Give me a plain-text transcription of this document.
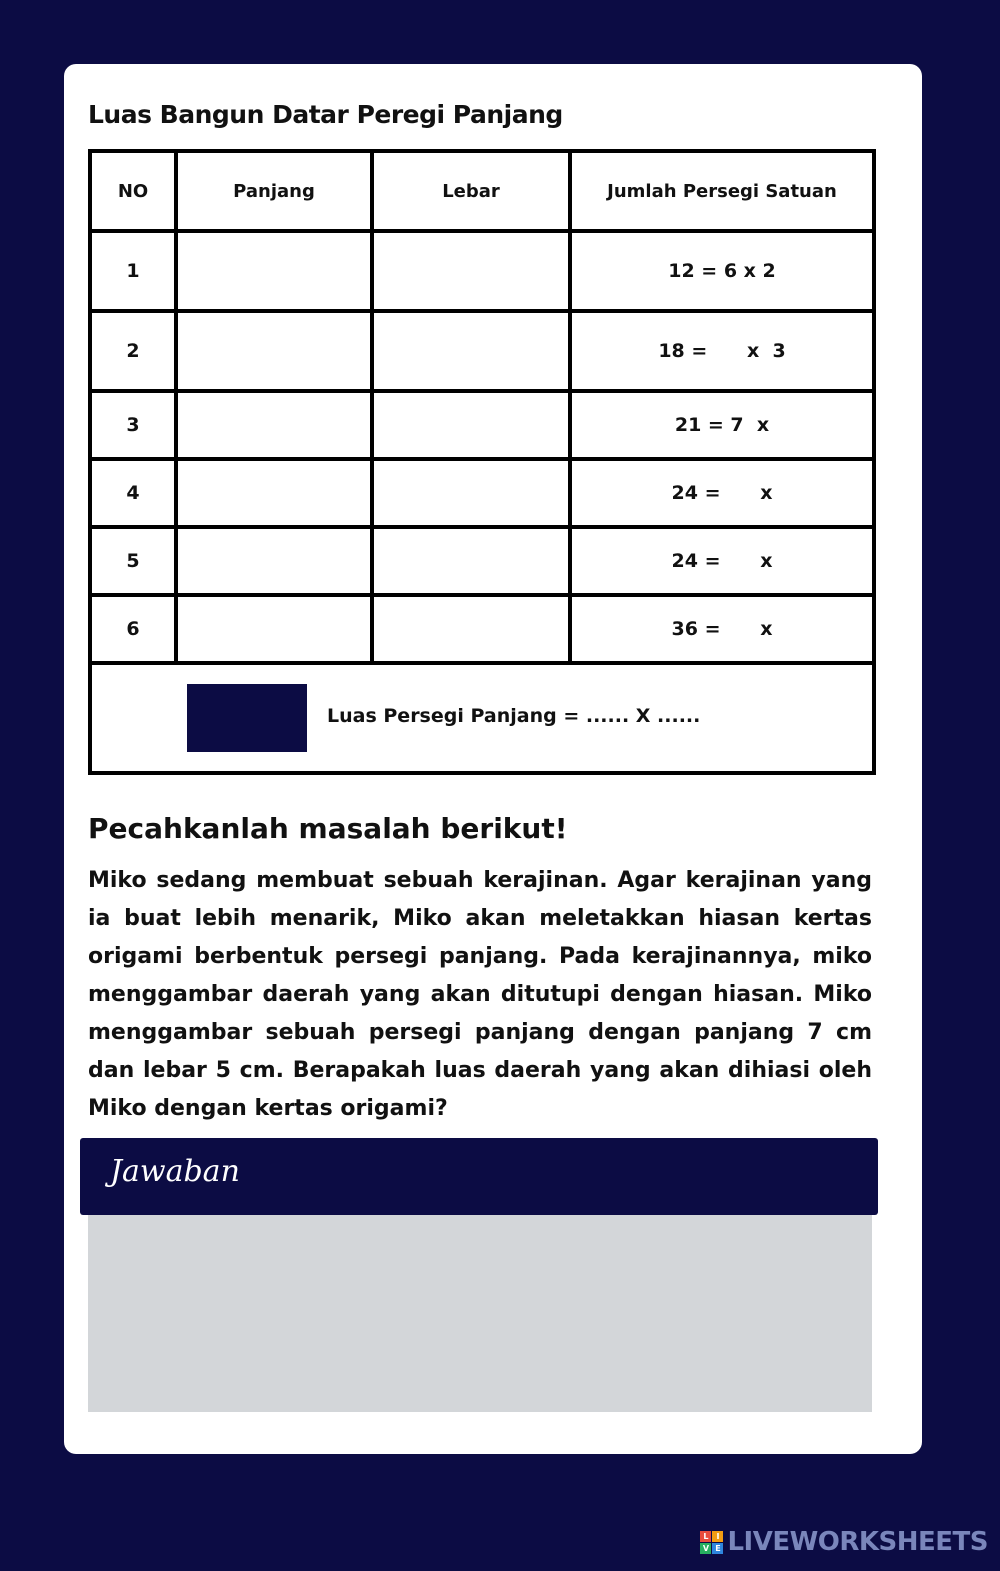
Luas Bangun Datar Peregi Panjang
NO	Panjang	Lebar	Jumlah Persegi Satuan
1			12 = 6 x 2
2			18 =      x  3
3			21 = 7  x
4			24 =      x
5			24 =      x
6			36 =      x

Luas Persegi Panjang = ...... X ......			
Pecahkanlah masalah berikut!

Miko sedang membuat sebuah kerajinan. Agar kerajinan yang ia buat lebih menarik, Miko akan meletakkan hiasan kertas origami berbentuk persegi panjang. Pada kerajinannya, miko menggambar daerah yang akan ditutupi dengan hiasan. Miko menggambar sebuah persegi panjang dengan panjang 7 cm dan lebar 5 cm. Berapakah luas daerah yang akan dihiasi oleh Miko dengan kertas origami?

Jawaban
L I
V E LIVEWORKSHEETS
